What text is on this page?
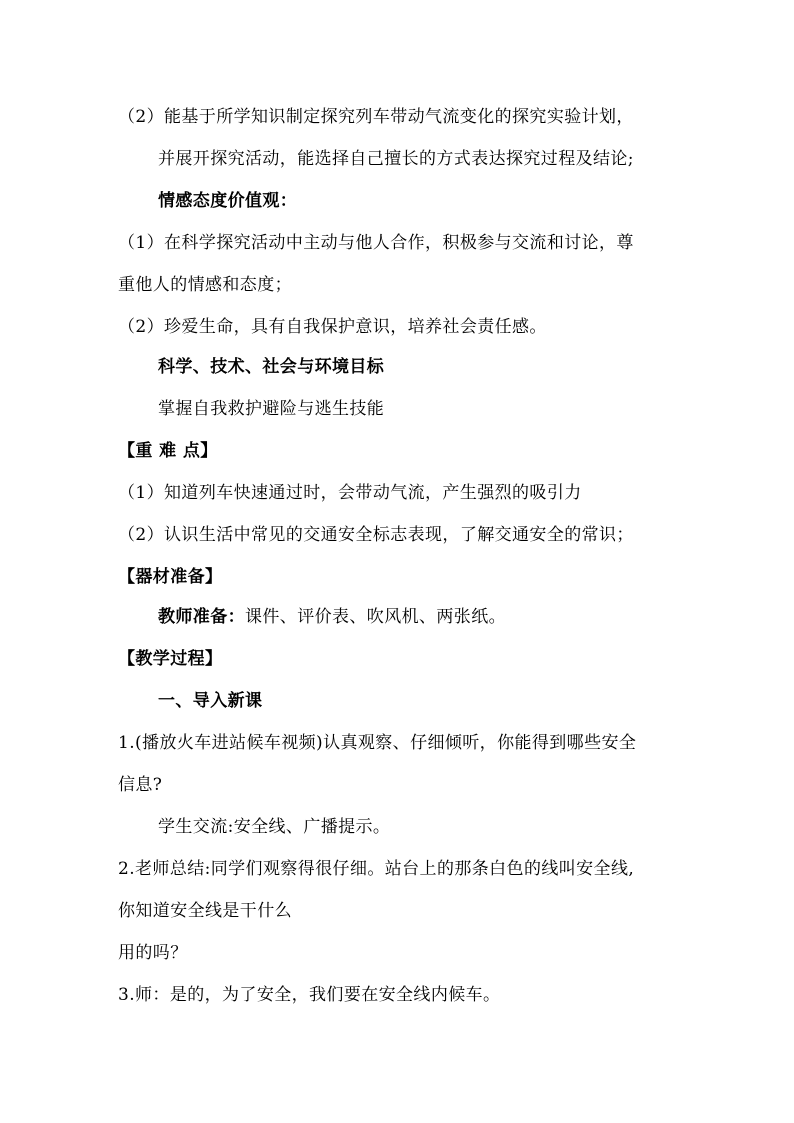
（2）能基于所学知识制定探究列车带动气流变化的探究实验计划，
并展开探究活动，能选择自己擅长的方式表达探究过程及结论;
情感态度价值观：
（1）在科学探究活动中主动与他人合作，积极参与交流和讨论，尊
重他人的情感和态度；
（2）珍爱生命，具有自我保护意识，培养社会责任感。
科学、技术、社会与环境目标
掌握自我救护避险与逃生技能
【重 难 点】
（1）知道列车快速通过时，会带动气流，产生强烈的吸引力
（2）认识生活中常见的交通安全标志表现，了解交通安全的常识；
【器材准备】
教师准备：课件、评价表、吹风机、两张纸。
【教学过程】
一、导入新课
1.(播放火车进站候车视频)认真观察、仔细倾听，你能得到哪些安全
信息?
学生交流:安全线、广播提示。
2.老师总结:同学们观察得很仔细。站台上的那条白色的线叫安全线,
你知道安全线是干什么
用的吗？
3.师：是的，为了安全，我们要在安全线内候车。
